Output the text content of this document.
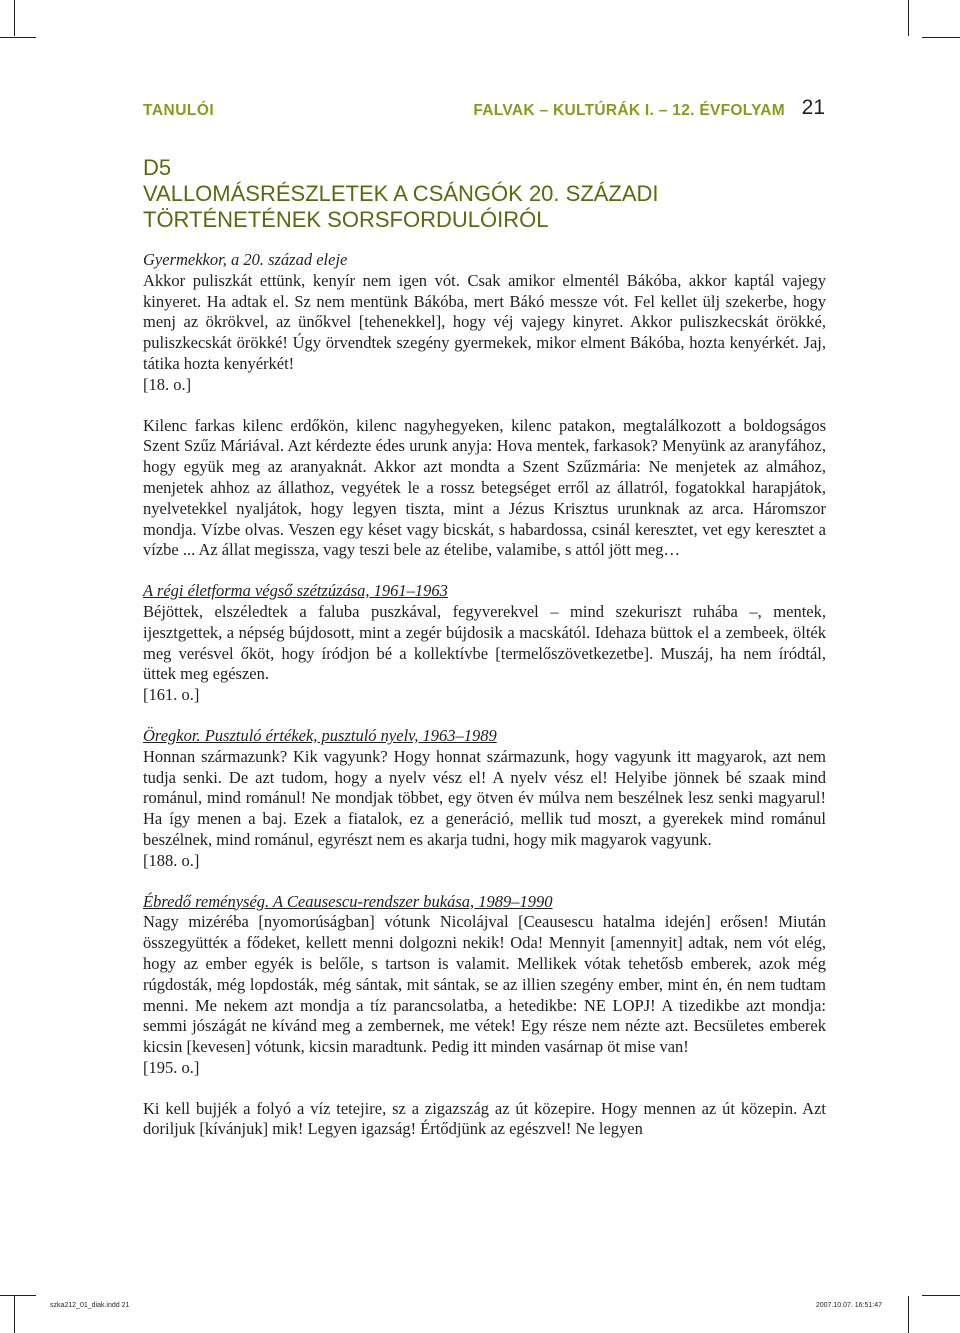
TANULÓI	FALVAK – KULTÚRÁK I. – 12. ÉVFOLYAM 21
D5
VALLOMÁSRÉSZLETEK A CSÁNGÓK 20. SZÁZADI TÖRTÉNETÉNEK SORSFORDULÓIRÓL
Gyermekkor, a 20. század eleje
Akkor puliszkát ettünk, kenyír nem igen vót. Csak amikor elmentél Bákóba, akkor kaptál vajegy kinyeret. Ha adtak el. Sz nem mentünk Bákóba, mert Bákó messze vót. Fel kellet ülj szekerbe, hogy menj az ökrökvel, az ünőkvel [tehenekkel], hogy véj vajegy kinyret. Akkor puliszkecskát örökké, puliszkecskát örökké! Úgy örvendtek szegény gyermekek, mikor elment Bákóba, hozta kenyérkét. Jaj, tátika hozta kenyérkét!
[18. o.]
Kilenc farkas kilenc erdőkön, kilenc nagyhegyeken, kilenc patakon, megtalálkozott a boldogságos Szent Szűz Máriával. Azt kérdezte édes urunk anyja: Hova mentek, farkasok? Menyünk az aranyfához, hogy együk meg az aranyaknát. Akkor azt mondta a Szent Szűzmária: Ne menjetek az almához, menjetek ahhoz az állathoz, vegyétek le a rossz betegséget erről az állatról, fogatokkal harapjátok, nyelvetekkel nyaljátok, hogy legyen tiszta, mint a Jézus Krisztus urunknak az arca. Háromszor mondja. Vízbe olvas. Veszen egy késet vagy bicskát, s habardossa, csinál keresztet, vet egy keresztet a vízbe ... Az állat megissza, vagy teszi bele az ételibe, valamibe, s attól jött meg…
A régi életforma végső szétzúzása, 1961–1963
Béjöttek, elszéledtek a faluba puszkával, fegyverekvel – mind szekuriszt ruhába –, mentek, ijesztgettek, a népség bújdosott, mint a zegér bújdosik a macskától. Idehaza büttok el a zembeek, ölték meg verésvel őköt, hogy íródjon bé a kollektívbe [termelőszövetkezetbe]. Muszáj, ha nem íródtál, üttek meg egészen.
[161. o.]
Öregkor. Pusztuló értékek, pusztuló nyelv, 1963–1989
Honnan származunk? Kik vagyunk? Hogy honnat származunk, hogy vagyunk itt magyarok, azt nem tudja senki. De azt tudom, hogy a nyelv vész el! A nyelv vész el! Helyibe jönnek bé szaak mind románul, mind románul! Ne mondjak többet, egy ötven év múlva nem beszélnek lesz senki magyarul! Ha így menen a baj. Ezek a fiatalok, ez a generáció, mellik tud moszt, a gyerekek mind románul beszélnek, mind románul, egyrészt nem es akarja tudni, hogy mik magyarok vagyunk.
[188. o.]
Ébredő reménység. A Ceausescu-rendszer bukása, 1989–1990
Nagy mizéréba [nyomorúságban] vótunk Nicolájval [Ceausescu hatalma idején] erősen! Miután összegyüttéк a fődeket, kellett menni dolgozni nekik! Oda! Mennyit [amennyit] adtak, nem vót elég, hogy az ember egyék is belőle, s tartson is valamit. Mellikek vótak tehetősb emberek, azok még rúgdosták, még lopdosták, még sántak, mit sántak, se az illien szegény ember, mint én, én nem tudtam menni. Me nekem azt mondja a tíz parancsolatba, a hetedikbe: NE LOPJ! A tizedikbe azt mondja: semmi jószágát ne kívánd meg a zembernek, me vétek! Egy része nem nézte azt. Becsületes emberek kicsin [kevesen] vótunk, kicsin maradtunk. Pedig itt minden vasárnap öt mise van!
[195. o.]
Ki kell bujjék a folyó a víz tetejire, sz a zigazszág az út közepire. Hogy mennen az út közepin. Azt doriljuk [kívánjuk] mik! Legyen igazság! Értődjünk az egészvel! Ne legyen
szka212_01_diak.indd 21	2007.10.07. 16:51:47
